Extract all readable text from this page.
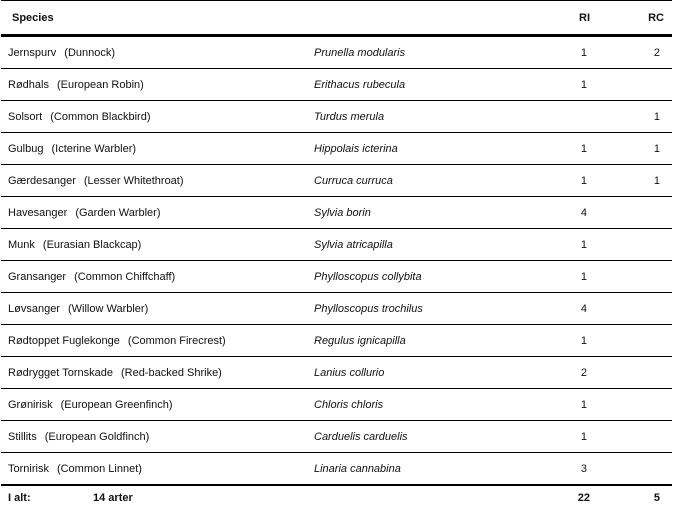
Species		RI	RC
Jernspurv (Dunnock)	Prunella modularis	1	2
Rødhals (European Robin)	Erithacus rubecula	1	
Solsort (Common Blackbird)	Turdus merula		1
Gulbug (Icterine Warbler)	Hippolais icterina	1	1
Gærdesanger (Lesser Whitethroat)	Curruca curruca	1	1
Havesanger (Garden Warbler)	Sylvia borin	4	
Munk (Eurasian Blackcap)	Sylvia atricapilla	1	
Gransanger (Common Chiffchaff)	Phylloscopus collybita	1	
Løvsanger (Willow Warbler)	Phylloscopus trochilus	4	
Rødtoppet Fuglekonge (Common Firecrest)	Regulus ignicapilla	1	
Rødrygget Tornskade (Red-backed Shrike)	Lanius collurio	2	
Grønirisk (European Greenfinch)	Chloris chloris	1	
Stillits (European Goldfinch)	Carduelis carduelis	1	
Tornirisk (Common Linnet)	Linaria cannabina	3	

I alt: 14 arter		22	5
